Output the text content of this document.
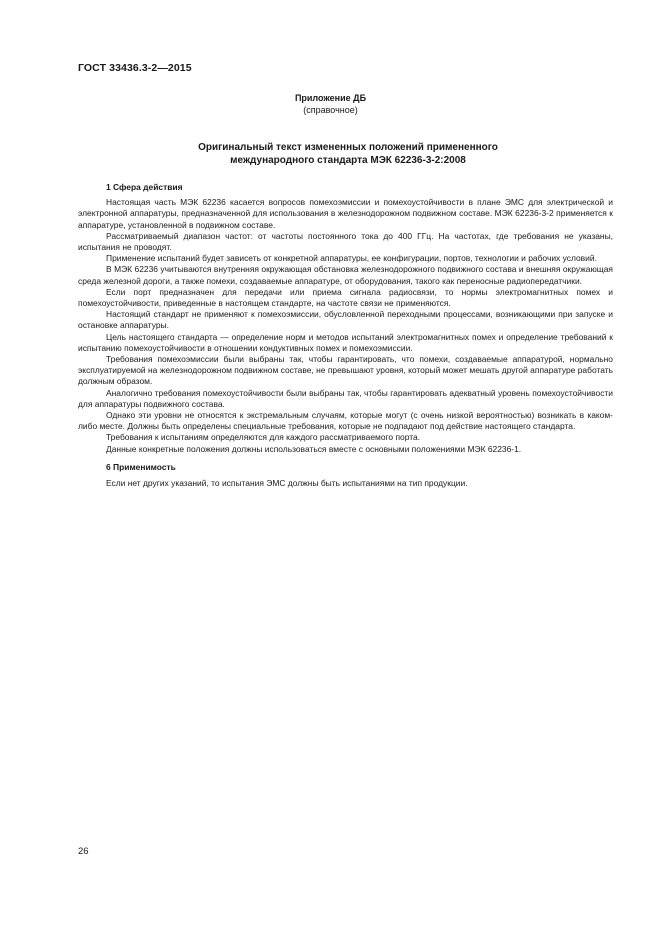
ГОСТ 33436.3-2—2015
Приложение ДБ
(справочное)
Оригинальный текст измененных положений примененного
международного стандарта МЭК 62236-3-2:2008
1 Сфера действия

Настоящая часть МЭК 62236 касается вопросов помехоэмиссии и помехоустойчивости в плане ЭМС для электрической и электронной аппаратуры, предназначенной для использования в железнодорожном подвижном составе. МЭК 62236-3-2 применяется к аппаратуре, установленной в подвижном составе.

Рассматриваемый диапазон частот: от частоты постоянного тока до 400 ГГц. На частотах, где требования не указаны, испытания не проводят.

Применение испытаний будет зависеть от конкретной аппаратуры, ее конфигурации, портов, технологии и рабочих условий.

В МЭК 62236 учитываются внутренняя окружающая обстановка железнодорожного подвижного состава и внешняя окружающая среда железной дороги, а также помехи, создаваемые аппаратуре, от оборудования, такого как переносные радиопередатчики.

Если порт предназначен для передачи или приема сигнала радиосвязи, то нормы электромагнитных помех и помехоустойчивости, приведенные в настоящем стандарте, на частоте связи не применяются.

Настоящий стандарт не применяют к помехоэмиссии, обусловленной переходными процессами, возникающими при запуске и остановке аппаратуры.

Цель настоящего стандарта — определение норм и методов испытаний электромагнитных помех и определение требований к испытанию помехоустойчивости в отношении кондуктивных помех и помехоэмиссии.

Требования помехоэмиссии были выбраны так, чтобы гарантировать, что помехи, создаваемые аппаратурой, нормально эксплуатируемой на железнодорожном подвижном составе, не превышают уровня, который может мешать другой аппаратуре работать должным образом.

Аналогично требования помехоустойчивости были выбраны так, чтобы гарантировать адекватный уровень помехоустойчивости для аппаратуры подвижного состава.

Однако эти уровни не относятся к экстремальным случаям, которые могут (с очень низкой вероятностью) возникать в каком-либо месте. Должны быть определены специальные требования, которые не подпадают под действие настоящего стандарта.

Требования к испытаниям определяются для каждого рассматриваемого порта.

Данные конкретные положения должны использоваться вместе с основными положениями МЭК 62236-1.

6 Применимость

Если нет других указаний, то испытания ЭМС должны быть испытаниями на тип продукции.

26
